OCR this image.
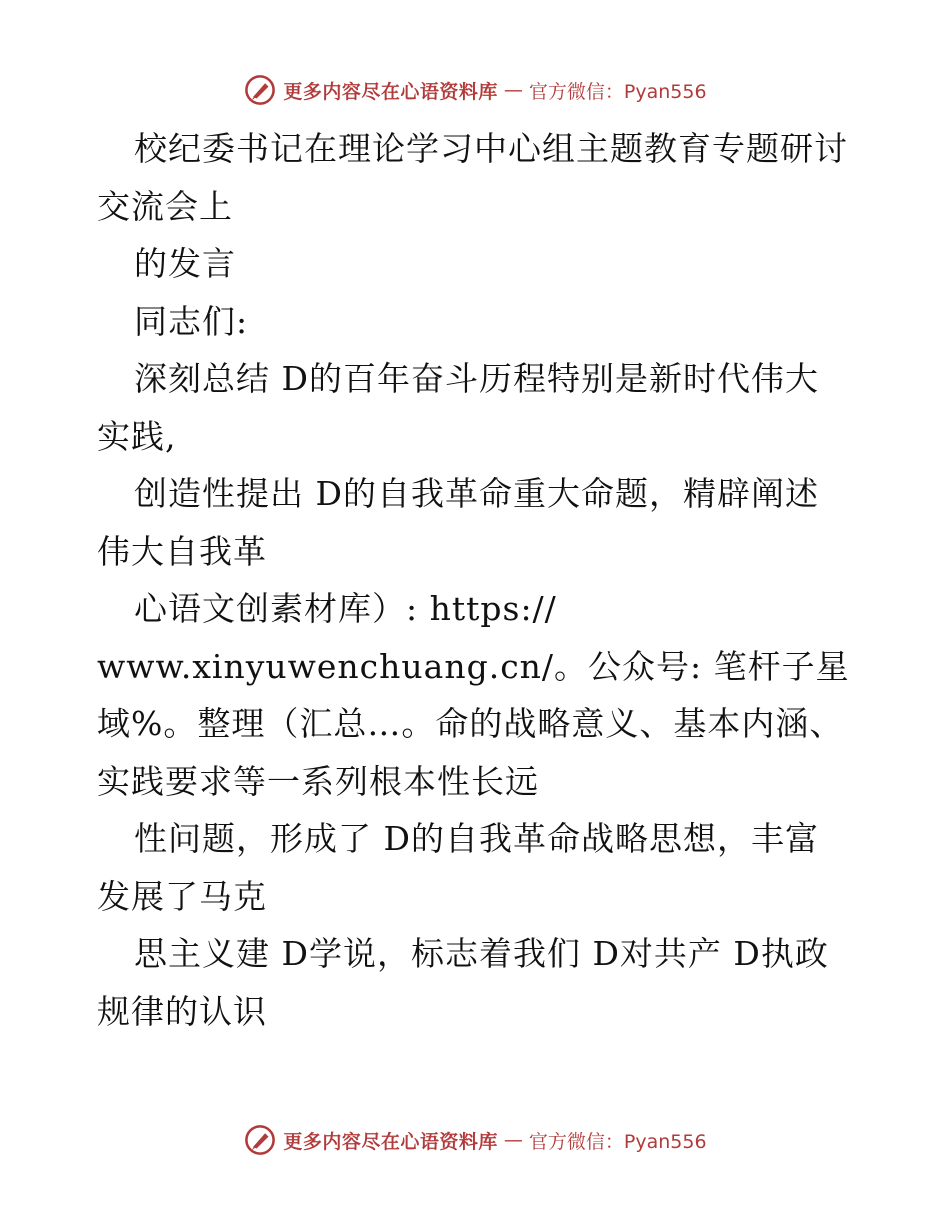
更多内容尽在心语资料库 — 官方微信：Pyan556
校纪委书记在理论学习中心组主题教育专题研讨
交流会上
的发言
同志们:
深刻总结 D的百年奋斗历程特别是新时代伟大
实践,
创造性提出 D的自我革命重大命题，精辟阐述
伟大自我革
心语文创素材库）: https://
www.xinyuwenchuang.cn/。公众号: 笔杆子星
域%。整理（汇总…。命的战略意义、基本内涵、
实践要求等一系列根本性长远
性问题，形成了 D的自我革命战略思想，丰富
发展了马克
思主义建 D学说，标志着我们 D对共产 D执政
规律的认识
更多内容尽在心语资料库 — 官方微信：Pyan556
